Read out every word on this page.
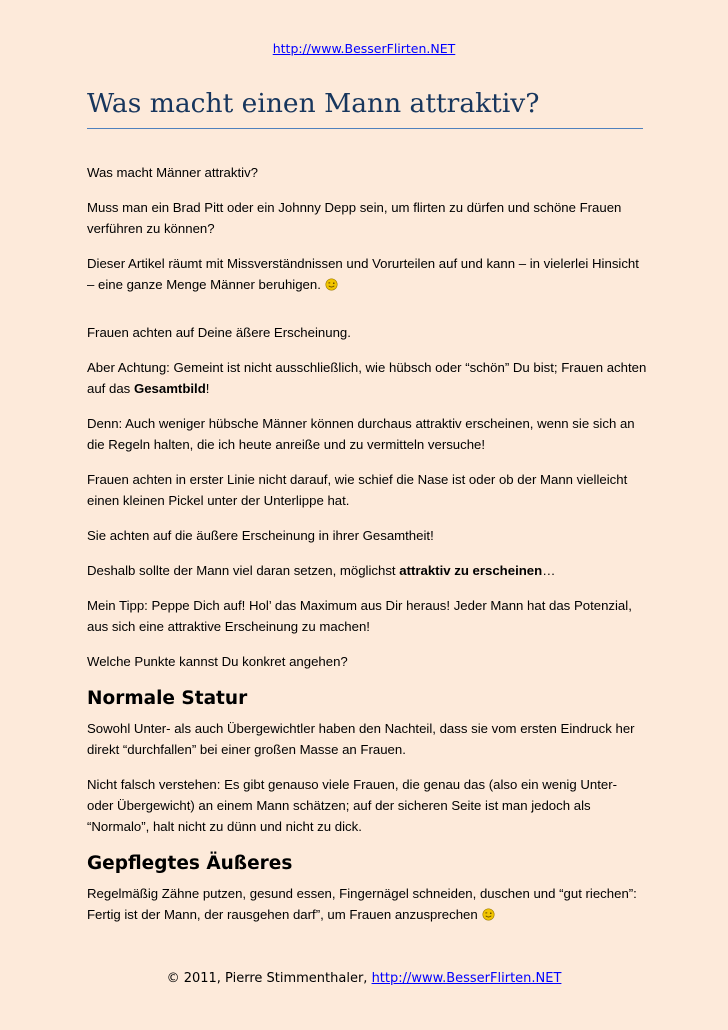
http://www.BesserFlirten.NET
Was macht einen Mann attraktiv?

Was macht Männer attraktiv?

Muss man ein Brad Pitt oder ein Johnny Depp sein, um flirten zu dürfen und schöne Frauen verführen zu können?

Dieser Artikel räumt mit Missverständnissen und Vorurteilen auf und kann – in vielerlei Hinsicht – eine ganze Menge Männer beruhigen.

Frauen achten auf Deine äßere Erscheinung.

Aber Achtung: Gemeint ist nicht ausschließlich, wie hübsch oder “schön” Du bist; Frauen achten auf das Gesamtbild!

Denn: Auch weniger hübsche Männer können durchaus attraktiv erscheinen, wenn sie sich an die Regeln halten, die ich heute anreiße und zu vermitteln versuche!

Frauen achten in erster Linie nicht darauf, wie schief die Nase ist oder ob der Mann vielleicht einen kleinen Pickel unter der Unterlippe hat.

Sie achten auf die äußere Erscheinung in ihrer Gesamtheit!

Deshalb sollte der Mann viel daran setzen, möglichst attraktiv zu erscheinen…

Mein Tipp: Peppe Dich auf! Hol’ das Maximum aus Dir heraus! Jeder Mann hat das Potenzial, aus sich eine attraktive Erscheinung zu machen!

Welche Punkte kannst Du konkret angehen?

Normale Statur

Sowohl Unter- als auch Übergewichtler haben den Nachteil, dass sie vom ersten Eindruck her direkt “durchfallen” bei einer großen Masse an Frauen.

Nicht falsch verstehen: Es gibt genauso viele Frauen, die genau das (also ein wenig Unter- oder Übergewicht) an einem Mann schätzen; auf der sicheren Seite ist man jedoch als “Normalo”, halt nicht zu dünn und nicht zu dick.

Gepflegtes Äußeres

Regelmäßig Zähne putzen, gesund essen, Fingernägel schneiden, duschen und “gut riechen”: Fertig ist der Mann, der rausgehen darf”, um Frauen anzusprechen

© 2011, Pierre Stimmenthaler, http://www.BesserFlirten.NET
